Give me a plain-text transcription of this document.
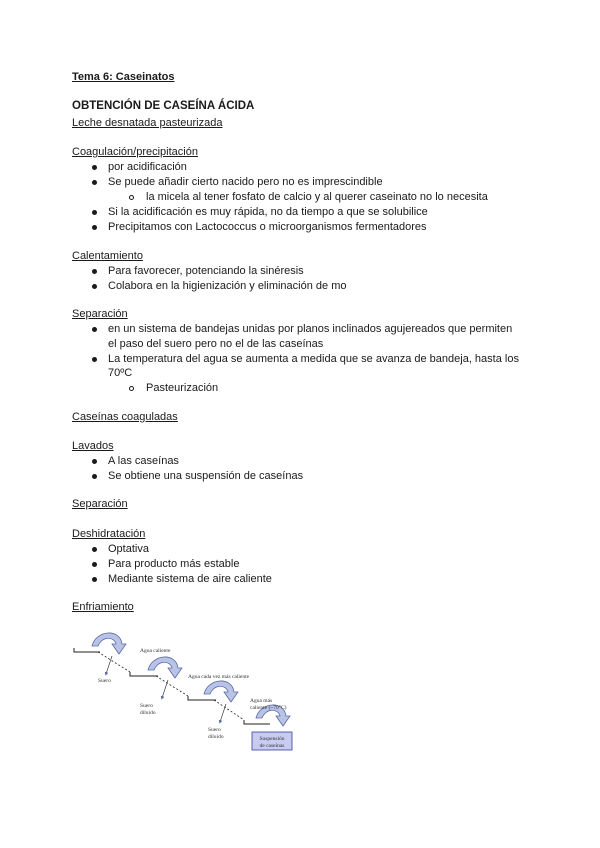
Tema 6: Caseinatos
OBTENCIÓN DE CASEÍNA ÁCIDA
Leche desnatada pasteurizada
Coagulación/precipitación
por acidificación
Se puede añadir cierto nacido pero no es imprescindible
la micela al tener fosfato de calcio y al querer caseinato no lo necesita
Si la acidificación es muy rápida, no da tiempo a que se solubilice
Precipitamos con Lactococcus o microorganismos fermentadores
Calentamiento
Para favorecer, potenciando la sinéresis
Colabora en la higienización y eliminación de mo
Separación
en un sistema de bandejas unidas por planos inclinados agujereados que permiten
el paso del suero pero no el de las caseínas
La temperatura del agua se aumenta a medida que se avanza de bandeja, hasta los
70ºC
Pasteurización
Caseínas coaguladas
Lavados
A las caseínas
Se obtiene una suspensión de caseínas
Separación
Deshidratación
Optativa
Para producto más estable
Mediante sistema de aire caliente
Enfriamiento
Suero
Agua caliente
Suero
diluido
Agua cada vez más caliente
Suero
diluido
Agua más
caliente (~70°C)
Suspensión
de caseínas
